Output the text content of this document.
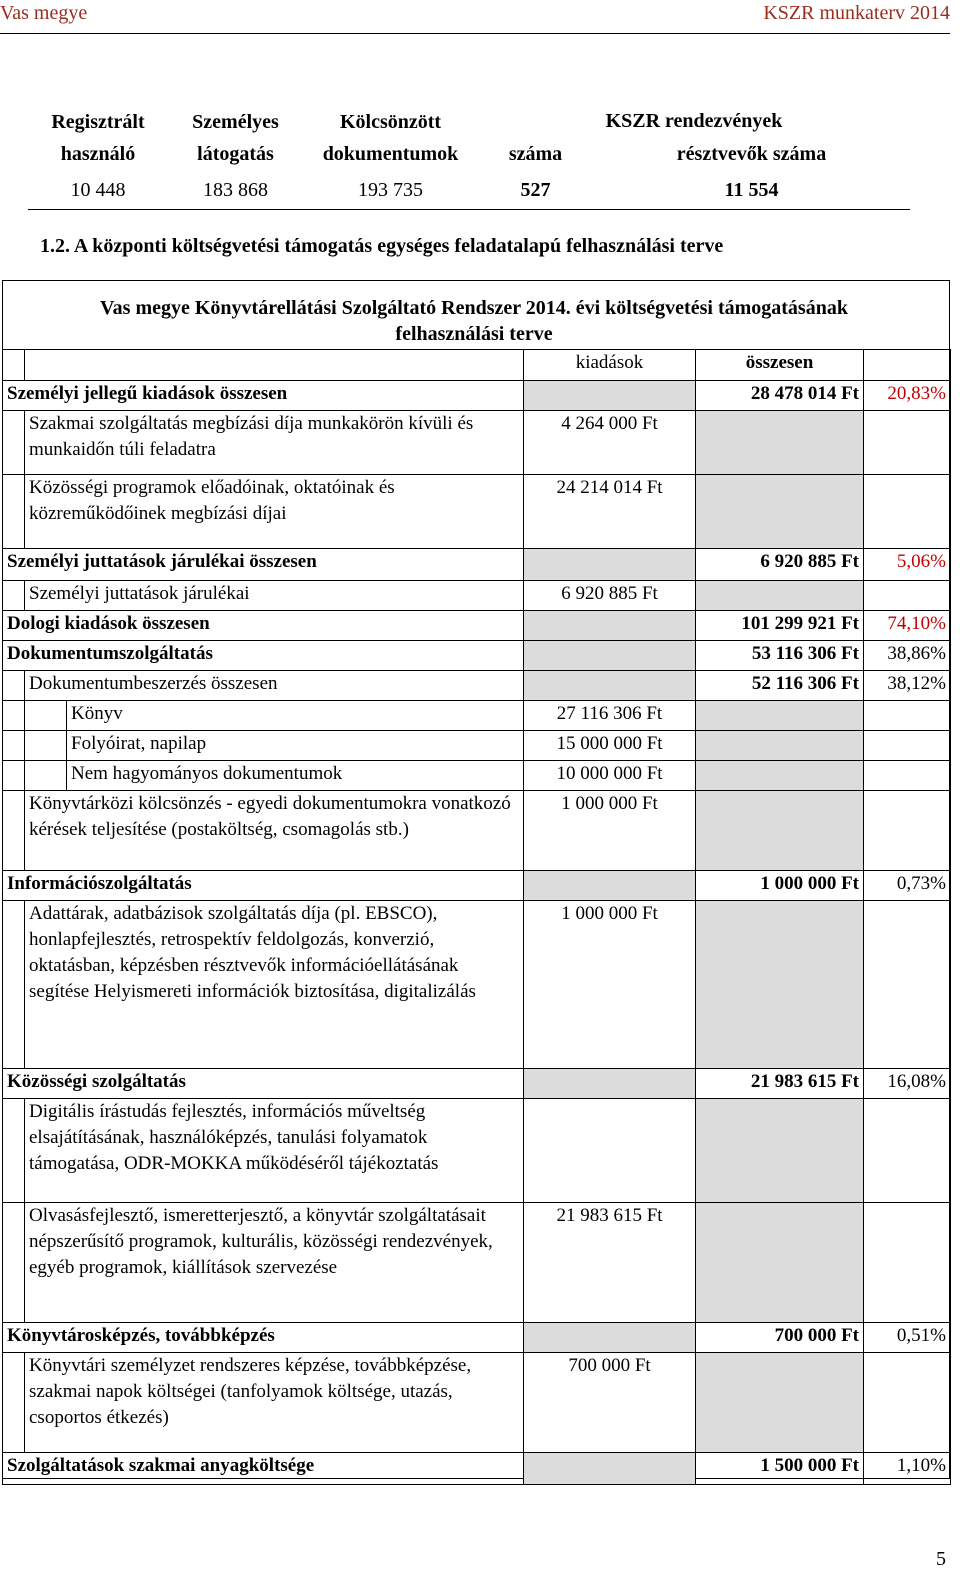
Vas megye	KSZR munkaterv 2014
Regisztrált használó	Személyes látogatás	Kölcsönzött dokumentumok	KSZR rendezvények	
			száma	résztvevők száma
10 448	183 868	193 735	527	11 554
1.2. A központi költségvetési támogatás egységes feladatalapú felhasználási terve
Vas megye Könyvtárellátási Szolgáltató Rendszer 2014. évi költségvetési támogatásának
felhasználási terve
			kiadások	összesen	
Személyi jellegű kiadások összesen				28 478 014 Ft	20,83%
	Szakmai szolgáltatás megbízási díja munkakörön kívüli és munkaidőn túli feladatra		4 264 000 Ft		
	Közösségi programok előadóinak, oktatóinak és közreműködőinek megbízási díjai		24 214 014 Ft		
Személyi juttatások járulékai összesen				6 920 885 Ft	5,06%
	Személyi juttatások járulékai		6 920 885 Ft		
Dologi kiadások összesen				101 299 921 Ft	74,10%
Dokumentumszolgáltatás				53 116 306 Ft	38,86%
	Dokumentumbeszerzés összesen			52 116 306 Ft	38,12%
		Könyv	27 116 306 Ft		
		Folyóirat, napilap	15 000 000 Ft		
		Nem hagyományos dokumentumok	10 000 000 Ft		
	Könyvtárközi kölcsönzés - egyedi dokumentumokra vonatkozó kérések teljesítése (postaköltség, csomagolás stb.)		1 000 000 Ft		
Információszolgáltatás				1 000 000 Ft	0,73%
	Adattárak, adatbázisok szolgáltatás díja (pl. EBSCO), honlapfejlesztés, retrospektív feldolgozás, konverzió, oktatásban, képzésben résztvevők információellátásának segítése Helyismereti információk biztosítása, digitalizálás		1 000 000 Ft		
Közösségi szolgáltatás				21 983 615 Ft	16,08%
	Digitális írástudás fejlesztés, információs műveltség elsajátításának, használóképzés, tanulási folyamatok támogatása, ODR-MOKKA működéséről tájékoztatás				
	Olvasásfejlesztő, ismeretterjesztő, a könyvtár szolgáltatásait népszerűsítő programok, kulturális, közösségi rendezvények, egyéb programok, kiállítások szervezése		21 983 615 Ft		
Könyvtárosképzés, továbbképzés				700 000 Ft	0,51%
	Könyvtári személyzet rendszeres képzése, továbbképzése, szakmai napok költségei (tanfolyamok költsége, utazás, csoportos étkezés)		700 000 Ft		
Szolgáltatások szakmai anyagköltsége				1 500 000 Ft	1,10%
5
